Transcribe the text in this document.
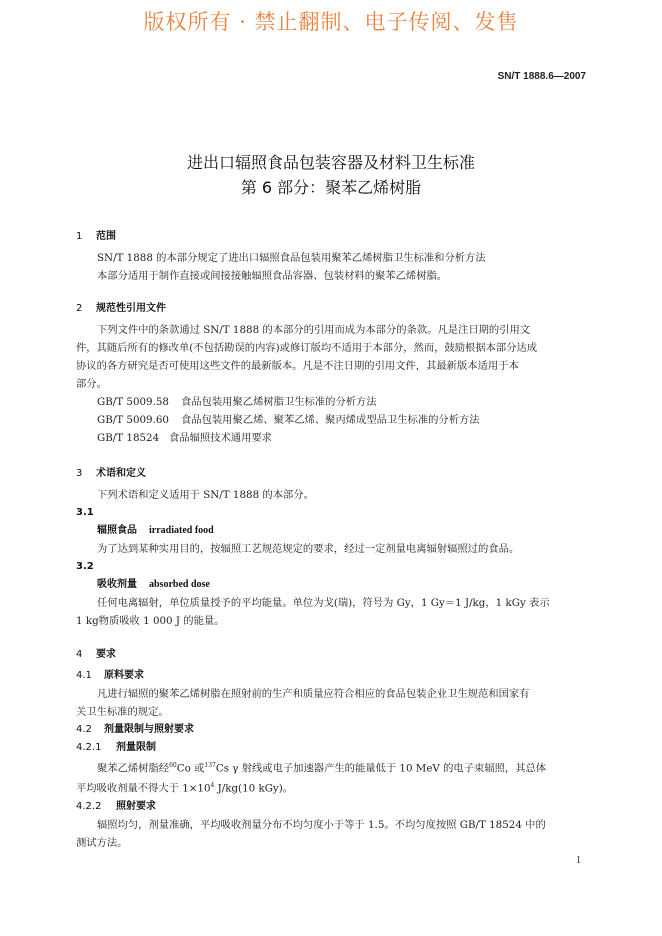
版权所有 · 禁止翻制、电子传阅、发售
SN/T 1888.6—2007
进出口辐照食品包装容器及材料卫生标准
第 6 部分：聚苯乙烯树脂
1 范围
SN/T 1888 的本部分规定了进出口辐照食品包装用聚苯乙烯树脂卫生标准和分析方法
本部分适用于制作直接或间接接触辐照食品容器、包装材料的聚苯乙烯树脂。
2 规范性引用文件
下列文件中的条款通过 SN/T 1888 的本部分的引用而成为本部分的条款。凡是注日期的引用文
件，其随后所有的修改单(不包括勘误的内容)或修订版均不适用于本部分，然而，鼓励根据本部分达成
协议的各方研究是否可使用这些文件的最新版本。凡是不注日期的引用文件，其最新版本适用于本
部分。
GB/T 5009.58 食品包装用聚乙烯树脂卫生标准的分析方法
GB/T 5009.60 食品包装用聚乙烯、聚苯乙烯、聚丙烯成型品卫生标准的分析方法
GB/T 18524 食品辐照技术通用要求
3 术语和定义
下列术语和定义适用于 SN/T 1888 的本部分。
3.1
辐照食品 irradiated food
为了达到某种实用目的，按辐照工艺规范规定的要求，经过一定剂量电离辐射辐照过的食品。
3.2
吸收剂量 absorbed dose
任何电离辐射，单位质量授予的平均能量。单位为戈(瑞)，符号为 Gy，1 Gy＝1 J/kg，1 kGy 表示
1 kg物质吸收 1 000 J 的能量。
4 要求
4.1 原料要求
凡进行辐照的聚苯乙烯树脂在照射前的生产和质量应符合相应的食品包装企业卫生规范和国家有
关卫生标准的规定。
4.2 剂量限制与照射要求
4.2.1 剂量限制
聚苯乙烯树脂经$^{60}$Co 或$^{137}$Cs γ 射线或电子加速器产生的能量低于 10 MeV 的电子束辐照，其总体
平均吸收剂量不得大于 $1\times 10^4$ J/kg(10 kGy)。
4.2.2 照射要求
辐照均匀，剂量准确，平均吸收剂量分布不均匀度小于等于 1.5。不均匀度按照 GB/T 18524 中的
测试方法。
1
